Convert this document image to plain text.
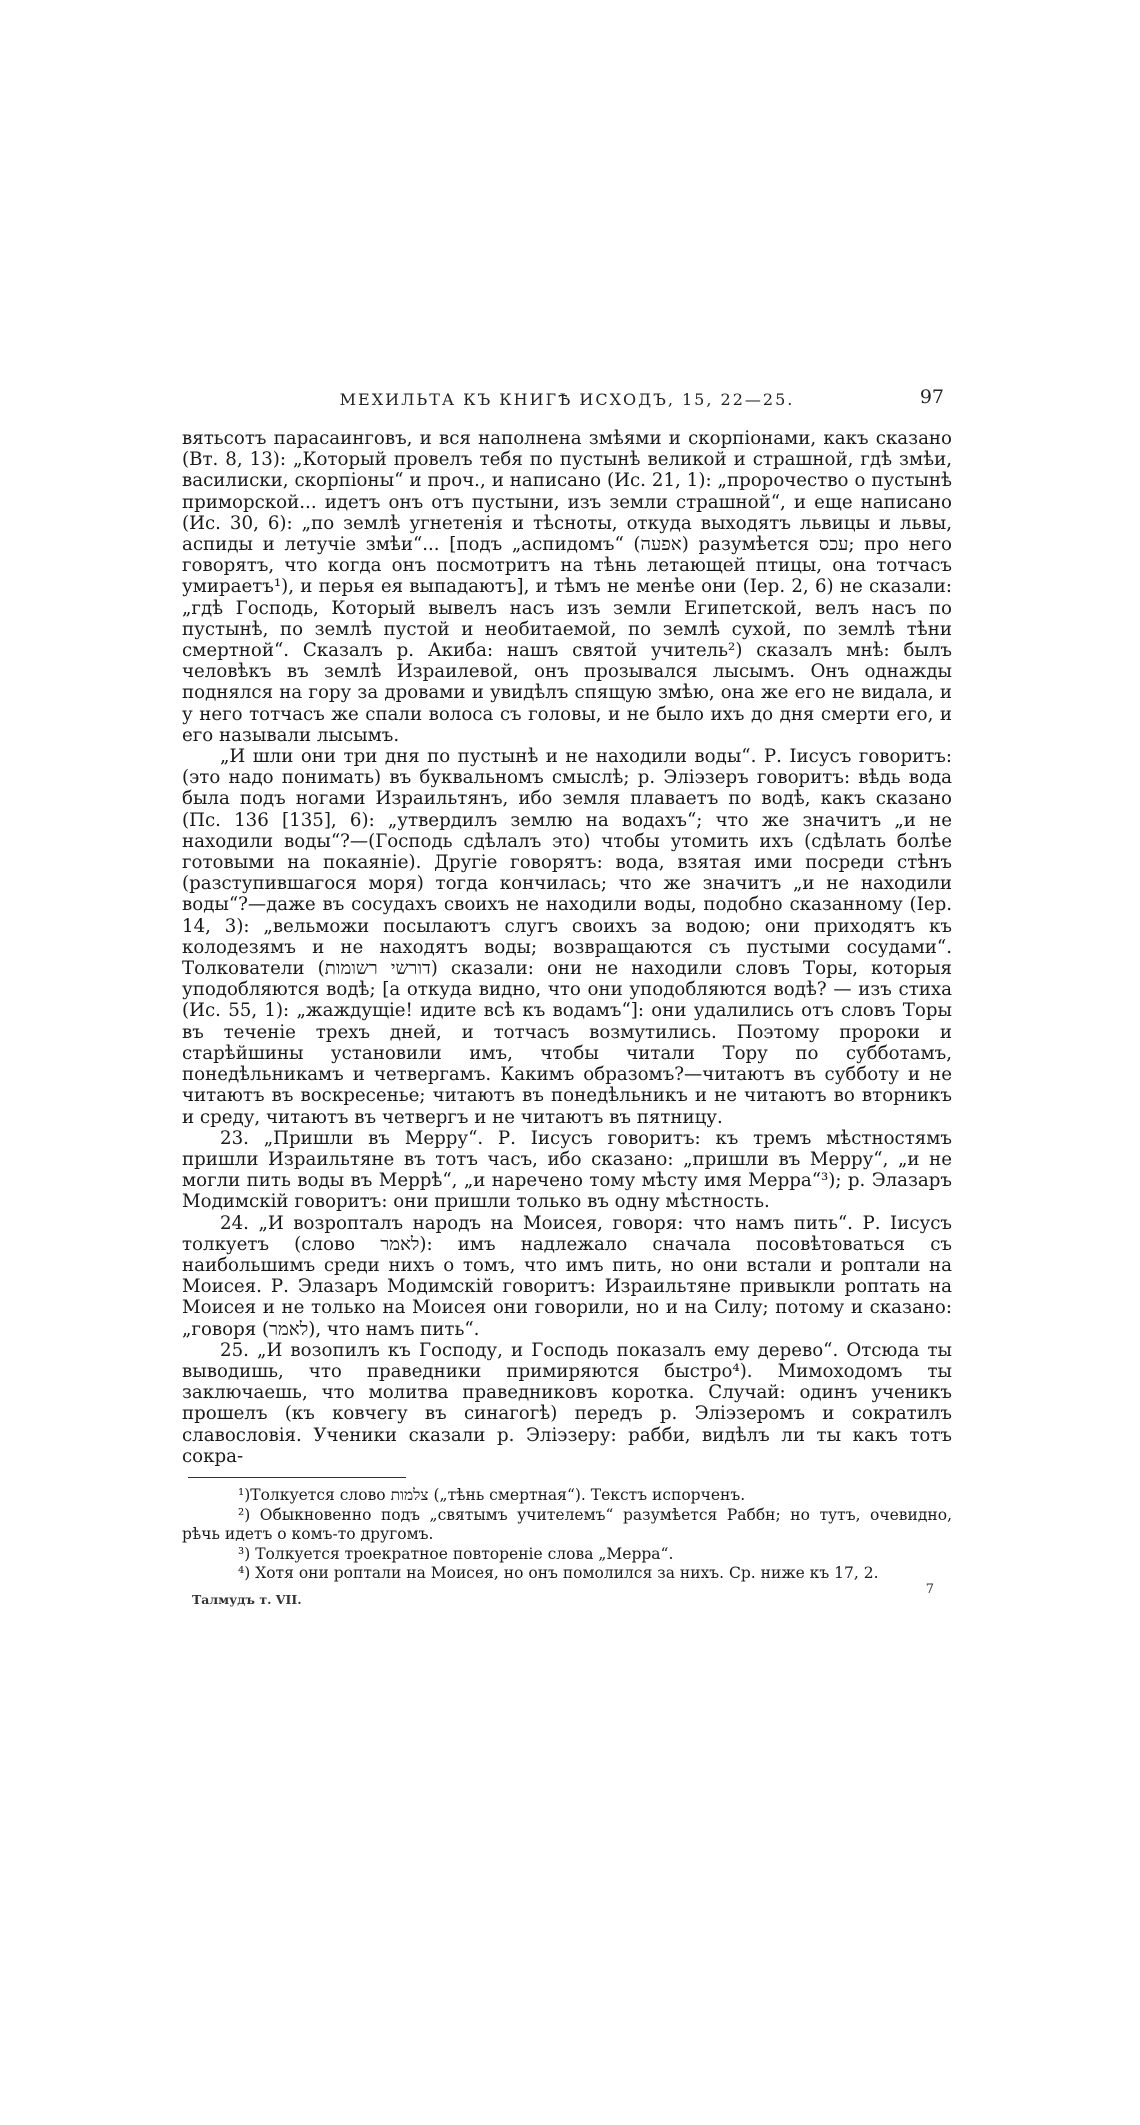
МЕХИЛЬТА КЪ КНИГѢ ИСХОДЪ, 15, 22—25.	97

вятьсотъ парасаинговъ, и вся наполнена змѣями и скорпіонами, какъ сказано (Вт. 8, 13): „Который провелъ тебя по пустынѣ великой и страшной, гдѣ змѣи, василиски, скорпіоны“ и проч., и написано (Ис. 21, 1): „пророчество о пустынѣ приморской... идетъ онъ отъ пустыни, изъ земли страшной“, и еще написано (Ис. 30, 6): „по землѣ угнетенія и тѣсноты, откуда выходятъ львицы и львы, аспиды и летучіе змѣи“... [подъ „аспидомъ“ (אפעה) разумѣется עכס; про него говорятъ, что когда онъ посмотритъ на тѣнь летающей птицы, она тотчасъ умираетъ¹), и перья ея выпадаютъ], и тѣмъ не менѣе они (Іер. 2, 6) не сказали: „гдѣ Господь, Который вывелъ насъ изъ земли Египетской, велъ насъ по пустынѣ, по землѣ пустой и необитаемой, по землѣ сухой, по землѣ тѣни смертной“. Сказалъ р. Акиба: нашъ святой учитель²) сказалъ мнѣ: былъ человѣкъ въ землѣ Израилевой, онъ прозывался лысымъ. Онъ однажды поднялся на гору за дровами и увидѣлъ спящую змѣю, она же его не видала, и у него тотчасъ же спали волоса съ головы, и не было ихъ до дня смерти его, и его называли лысымъ.

„И шли они три дня по пустынѣ и не находили воды“. Р. Іисусъ говоритъ: (это надо понимать) въ буквальномъ смыслѣ; р. Эліэзеръ говоритъ: вѣдь вода была подъ ногами Израильтянъ, ибо земля плаваетъ по водѣ, какъ сказано (Пс. 136 [135], 6): „утвердилъ землю на водахъ“; что же значитъ „и не находили воды“?—(Господь сдѣлалъ это) чтобы утомить ихъ (сдѣлать болѣе готовыми на покаяніе). Другіе говорятъ: вода, взятая ими посреди стѣнъ (разступившагося моря) тогда кончилась; что же значитъ „и не находили воды“?—даже въ сосудахъ своихъ не находили воды, подобно сказанному (Іер. 14, 3): „вельможи посылаютъ слугъ своихъ за водою; они приходятъ къ колодезямъ и не находятъ воды; возвращаются съ пустыми сосудами“. Толкователи (דורשי רשומות) сказали: они не находили словъ Торы, которыя уподобляются водѣ; [а откуда видно, что они уподобляются водѣ? — изъ стиха (Ис. 55, 1): „жаждущіе! идите всѣ къ водамъ“]: они удалились отъ словъ Торы въ теченіе трехъ дней, и тотчасъ возмутились. Поэтому пророки и старѣйшины установили имъ, чтобы читали Тору по субботамъ, понедѣльникамъ и четвергамъ. Какимъ образомъ?—читаютъ въ субботу и не читаютъ въ воскресенье; читаютъ въ понедѣльникъ и не читаютъ во вторникъ и среду, читаютъ въ четвергъ и не читаютъ въ пятницу.

23. „Пришли въ Мерру“. Р. Іисусъ говоритъ: къ тремъ мѣстностямъ пришли Израильтяне въ тотъ часъ, ибо сказано: „пришли въ Мерру“, „и не могли пить воды въ Меррѣ“, „и наречено тому мѣсту имя Мерра“³); р. Элазаръ Модимскій говоритъ: они пришли только въ одну мѣстность.

24. „И возропталъ народъ на Моисея, говоря: что намъ пить“. Р. Іисусъ толкуетъ (слово לאמר): имъ надлежало сначала посовѣтоваться съ наибольшимъ среди нихъ о томъ, что имъ пить, но они встали и роптали на Моисея. Р. Элазаръ Модимскій говоритъ: Израильтяне привыкли роптать на Моисея и не только на Моисея они говорили, но и на Силу; потому и сказано: „говоря (לאמר), что намъ пить“.

25. „И возопилъ къ Господу, и Господь показалъ ему дерево“. Отсюда ты выводишь, что праведники примиряются быстро⁴). Мимоходомъ ты заключаешь, что молитва праведниковъ коротка. Случай: одинъ ученикъ прошелъ (къ ковчегу въ синагогѣ) передъ р. Эліэзеромъ и сократилъ славословія. Ученики сказали р. Эліэзеру: рабби, видѣлъ ли ты какъ тотъ сокра-

¹)Толкуется слово צלמות („тѣнь смертная“). Текстъ испорченъ.

²) Обыкновенно подъ „святымъ учителемъ“ разумѣется Раббн; но тутъ, очевидно, рѣчь идетъ о комъ-то другомъ.

³) Толкуется троекратное повтореніе слова „Мерра“.

⁴) Хотя они роптали на Моисея, но онъ помолился за нихъ. Ср. ниже къ 17, 2.

Талмудъ т. VII.
7
